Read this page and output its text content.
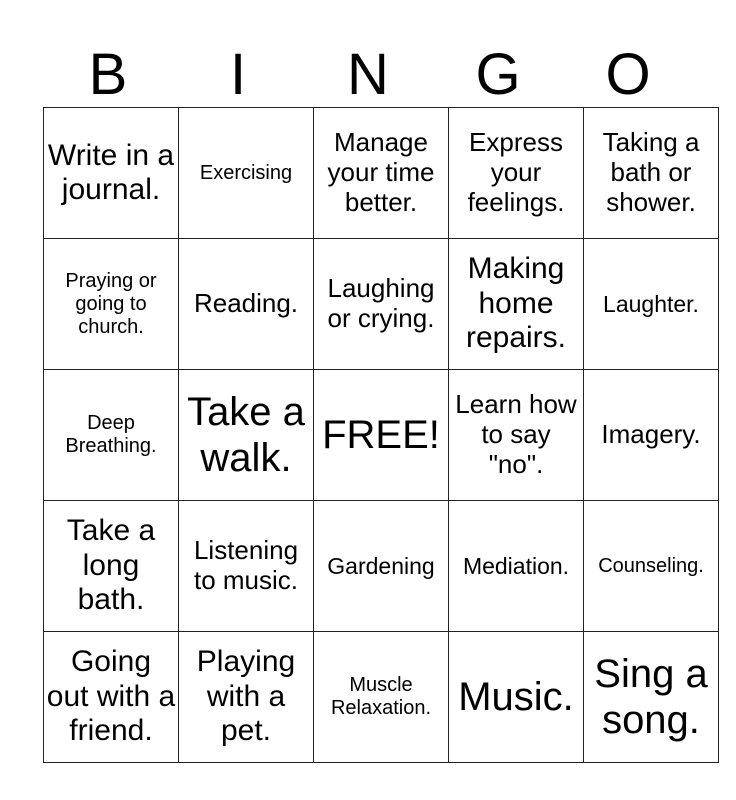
B	I	N	G	O
Write in a journal.	Exercising	Manage your time better.	Express your feelings.	Taking a bath or shower.

Praying or going to church.	Reading.	Laughing or crying.	Making home repairs.	Laughter.

Deep Breathing.	Take a walk.	FREE!	Learn how to say "no".	Imagery.

Take a long bath.	Listening to music.	Gardening	Mediation.	Counseling.

Going out with a friend.	Playing with a pet.	Muscle Relaxation.	Music.	Sing a song.
